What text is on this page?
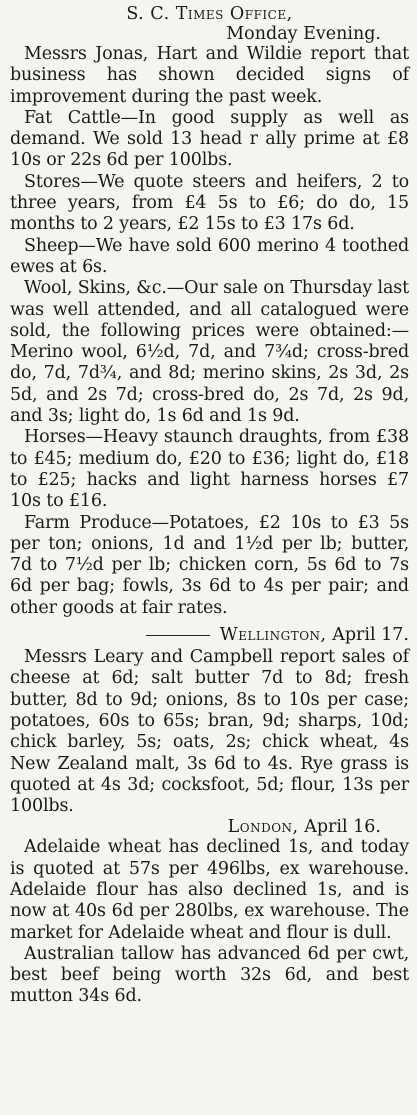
S. C. Times Office,
Monday Evening.

Messrs Jonas, Hart and Wildie report that business has shown decided signs of improvement during the past week.

Fat Cattle—In good supply as well as demand. We sold 13 head r ally prime at £8 10s or 22s 6d per 100lbs.

Stores—We quote steers and heifers, 2 to three years, from £4 5s to £6; do do, 15 months to 2 years, £2 15s to £3 17s 6d.

Sheep—We have sold 600 merino 4 toothed ewes at 6s.

Wool, Skins, &c.—Our sale on Thursday last was well attended, and all catalogued were sold, the following prices were obtained:—Merino wool, 6½d, 7d, and 7¾d; cross-bred do, 7d, 7d¾, and 8d; merino skins, 2s 3d, 2s 5d, and 2s 7d; cross-bred do, 2s 7d, 2s 9d, and 3s; light do, 1s 6d and 1s 9d.

Horses—Heavy staunch draughts, from £38 to £45; medium do, £20 to £36; light do, £18 to £25; hacks and light harness horses £7 10s to £16.

Farm Produce—Potatoes, £2 10s to £3 5s per ton; onions, 1d and 1½d per lb; butter, 7d to 7½d per lb; chicken corn, 5s 6d to 7s 6d per bag; fowls, 3s 6d to 4s per pair; and other goods at fair rates.

Wellington, April 17.

Messrs Leary and Campbell report sales of cheese at 6d; salt butter 7d to 8d; fresh butter, 8d to 9d; onions, 8s to 10s per case; potatoes, 60s to 65s; bran, 9d; sharps, 10d; chick barley, 5s; oats, 2s; chick wheat, 4s New Zealand malt, 3s 6d to 4s. Rye grass is quoted at 4s 3d; cocksfoot, 5d; flour, 13s per 100lbs.

London, April 16.

Adelaide wheat has declined 1s, and today is quoted at 57s per 496lbs, ex warehouse. Adelaide flour has also declined 1s, and is now at 40s 6d per 280lbs, ex warehouse. The market for Adelaide wheat and flour is dull.

Australian tallow has advanced 6d per cwt, best beef being worth 32s 6d, and best mutton 34s 6d.
